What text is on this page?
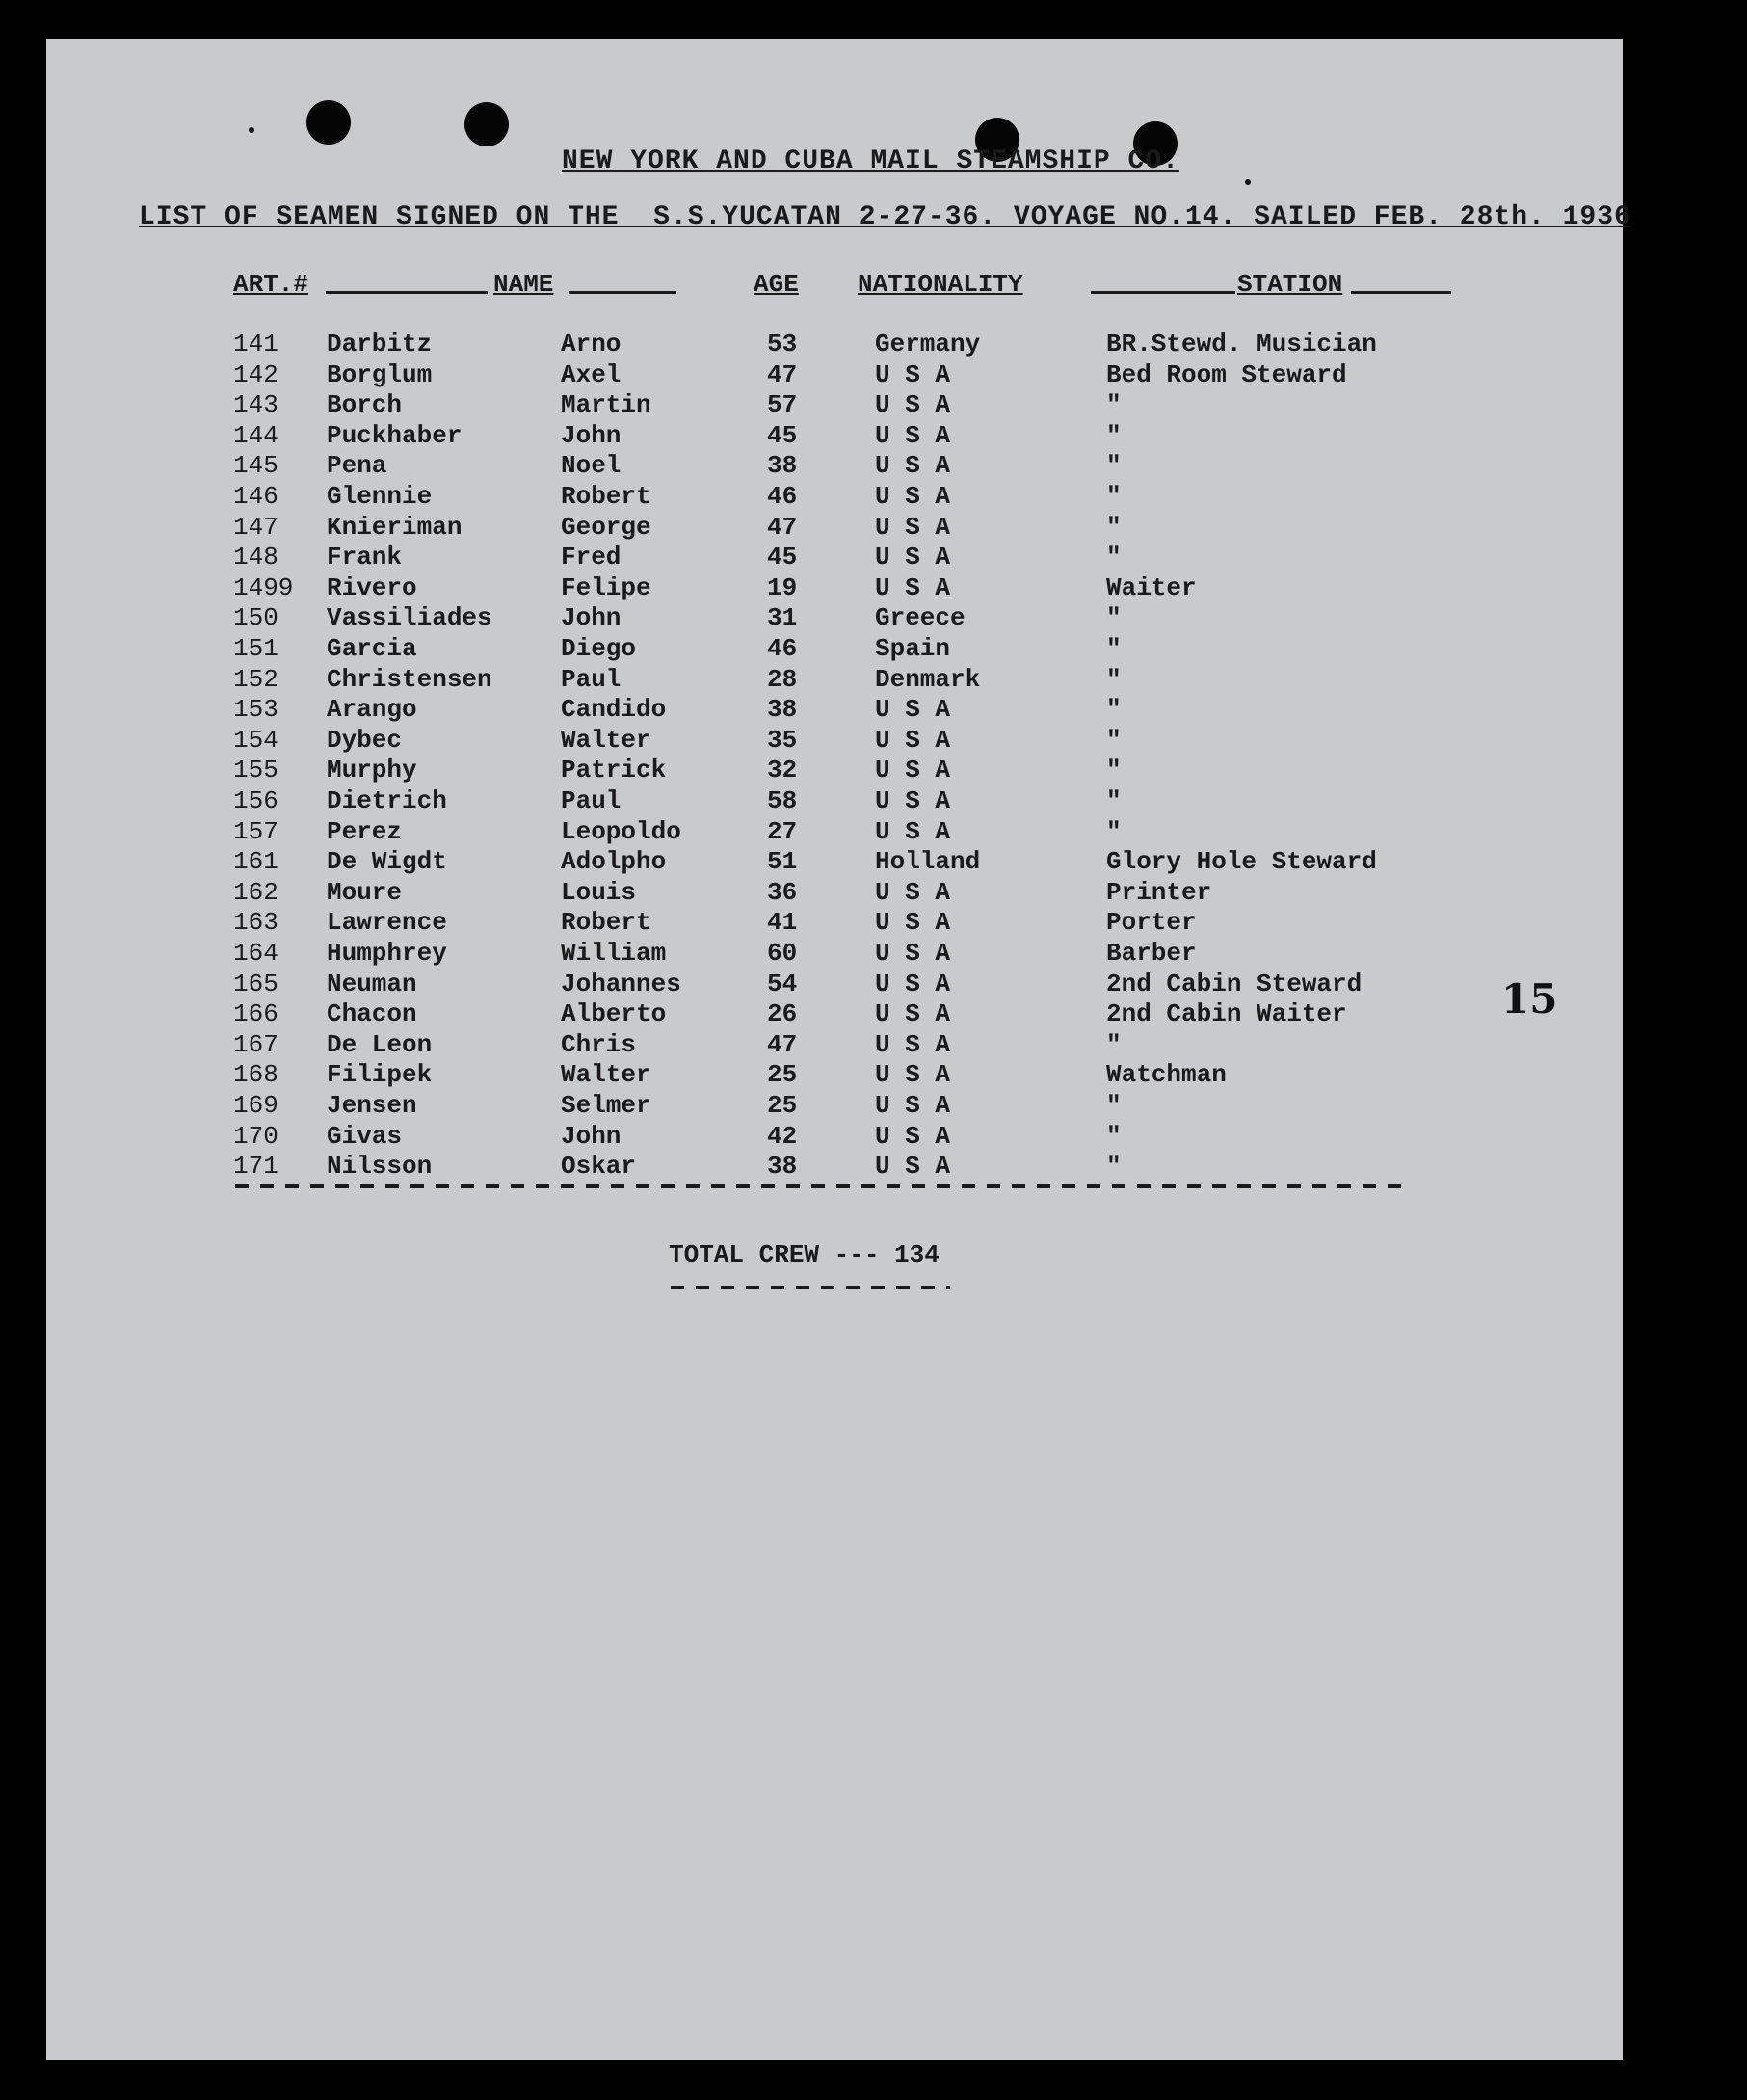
NEW YORK AND CUBA MAIL STEAMSHIP CO.
LIST OF SEAMEN SIGNED ON THE  S.S.YUCATAN 2-27-36. VOYAGE NO.14. SAILED FEB. 28th. 1936
ART.#	NAME	AGE NATIONALITY	STATION
141 Darbitz	Arno	53	Germany	BR.Stewd. Musician
142 Borglum	Axel	47	U S A	Bed Room Steward
143 Borch	Martin	57	U S A	"
144 Puckhaber	John	45	U S A	"
145 Pena	Noel	38	U S A	"
146 Glennie	Robert	46	U S A	"
147 Knieriman	George	47	U S A	"
148 Frank	Fred	45	U S A	"
1499 Rivero	Felipe	19	U S A	Waiter
150 Vassiliades	John	31	Greece	"
151 Garcia	Diego	46	Spain	"
152 Christensen	Paul	28	Denmark	"
153 Arango	Candido	38	U S A	"
154 Dybec	Walter	35	U S A	"
155 Murphy	Patrick	32	U S A	"
156 Dietrich	Paul	58	U S A	"
157 Perez	Leopoldo	27	U S A	"
161 De Wigdt	Adolpho	51	Holland	Glory Hole Steward
162 Moure	Louis	36	U S A	Printer
163 Lawrence	Robert	41	U S A	Porter
164 Humphrey	William	60	U S A	Barber
165 Neuman	Johannes	54	U S A	2nd Cabin Steward
166 Chacon	Alberto	26	U S A	2nd Cabin Waiter
167 De Leon	Chris	47	U S A	"
168 Filipek	Walter	25	U S A	Watchman
169 Jensen	Selmer	25	U S A	"
170 Givas	John	42	U S A	"
171 Nilsson	Oskar	38	U S A	"
TOTAL CREW --- 134
15
